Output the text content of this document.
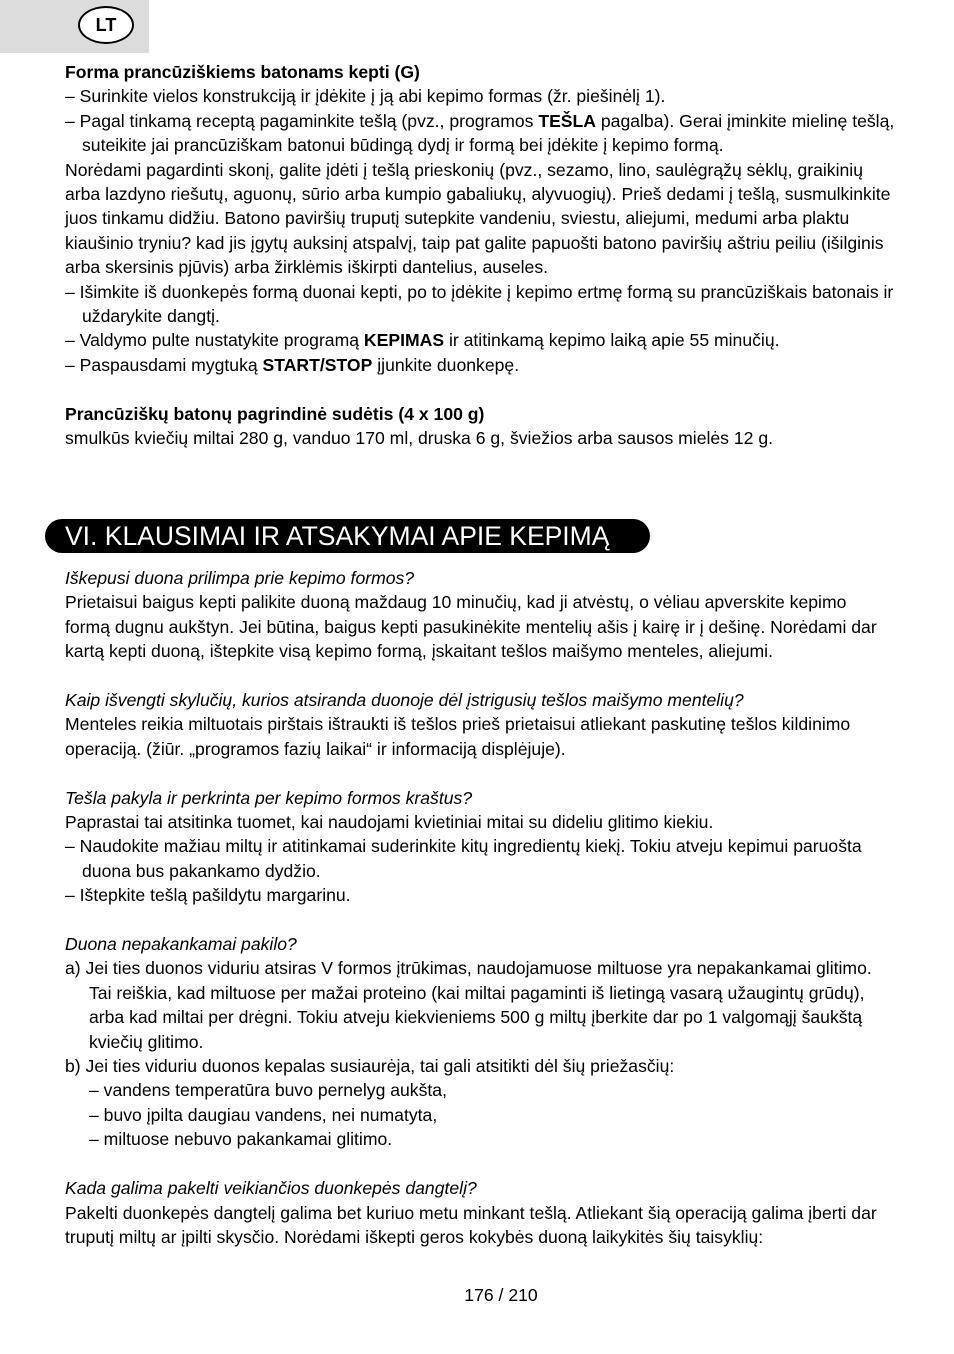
LT

Forma prancūziškiems batonams kepti (G)

– Surinkite vielos konstrukciją ir įdėkite į ją abi kepimo formas (žr. piešinėlį 1).

– Pagal tinkamą receptą pagaminkite tešlą (pvz., programos TEŠLA pagalba). Gerai įminkite mielinę tešlą, suteikite jai prancūziškam batonui būdingą dydį ir formą bei įdėkite į kepimo formą.

Norėdami pagardinti skonį, galite įdėti į tešlą prieskonių (pvz., sezamo, lino, saulėgrąžų sėklų, graikinių arba lazdyno riešutų, aguonų, sūrio arba kumpio gabaliukų, alyvuogių). Prieš dedami į tešlą, susmulkinkite juos tinkamu didžiu. Batono paviršių truputį sutepkite vandeniu, sviestu, aliejumi, medumi arba plaktu kiaušinio tryniu? kad jis įgytų auksinį atspalvį, taip pat galite papuošti batono paviršių aštriu peiliu (išilginis arba skersinis pjūvis) arba žirklėmis iškirpti dantelius, auseles.

– Išimkite iš duonkepės formą duonai kepti, po to įdėkite į kepimo ertmę formą su prancūziškais batonais ir uždarykite dangtį.

– Valdymo pulte nustatykite programą KEPIMAS ir atitinkamą kepimo laiką apie 55 minučių.

– Paspausdami mygtuką START/STOP įjunkite duonkepę.

Prancūziškų batonų pagrindinė sudėtis (4 x 100 g)

smulkūs kviečių miltai 280 g, vanduo 170 ml, druska 6 g, šviežios arba sausos mielės 12 g.

VI. KLAUSIMAI IR ATSAKYMAI APIE KEPIMĄ

Iškepusi duona prilimpa prie kepimo formos?

Prietaisui baigus kepti palikite duoną maždaug 10 minučių, kad ji atvėstų, o vėliau apverskite kepimo formą dugnu aukštyn. Jei būtina, baigus kepti pasukinėkite mentelių ašis į kairę ir į dešinę. Norėdami dar kartą kepti duoną, ištepkite visą kepimo formą, įskaitant tešlos maišymo menteles, aliejumi.

Kaip išvengti skylučių, kurios atsiranda duonoje dėl įstrigusių tešlos maišymo mentelių?

Menteles reikia miltuotais pirštais ištraukti iš tešlos prieš prietaisui atliekant paskutinę tešlos kildinimo operaciją. (žiūr. „programos fazių laikai“ ir informaciją displėjuje).

Tešla pakyla ir perkrinta per kepimo formos kraštus?

Paprastai tai atsitinka tuomet, kai naudojami kvietiniai mitai su dideliu glitimo kiekiu.

– Naudokite mažiau miltų ir atitinkamai suderinkite kitų ingredientų kiekį. Tokiu atveju kepimui paruošta duona bus pakankamo dydžio.

– Ištepkite tešlą pašildytu margarinu.

Duona nepakankamai pakilo?

a) Jei ties duonos viduriu atsiras V formos įtrūkimas, naudojamuose miltuose yra nepakankamai glitimo. Tai reiškia, kad miltuose per mažai proteino (kai miltai pagaminti iš lietingą vasarą užaugintų grūdų), arba kad miltai per drėgni. Tokiu atveju kiekvieniems 500 g miltų įberkite dar po 1 valgomąjį šaukštą kviečių glitimo.

b) Jei ties viduriu duonos kepalas susiaurėja, tai gali atsitikti dėl šių priežasčių:

– vandens temperatūra buvo pernelyg aukšta,

– buvo įpilta daugiau vandens, nei numatyta,

– miltuose nebuvo pakankamai glitimo.

Kada galima pakelti veikiančios duonkepės dangtelį?

Pakelti duonkepės dangtelį galima bet kuriuo metu minkant tešlą. Atliekant šią operaciją galima įberti dar truputį miltų ar įpilti skysčio. Norėdami iškepti geros kokybės duoną laikykitės šių taisyklių:

176 / 210
